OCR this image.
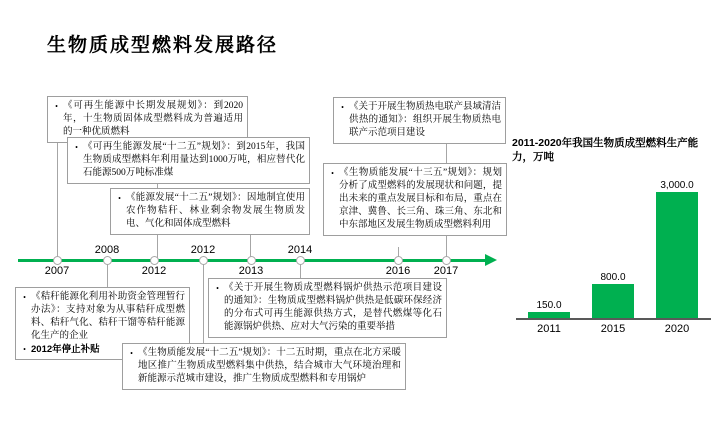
生物质成型燃料发展路径
• 《可再生能源中长期发展规划》：到2020年，十生物质固体成型燃料成为普遍适用的一种优质燃料
• 《可再生能源发展“十二五”规划》：到2015年，我国生物质成型燃料年利用量达到1000万吨，相应替代化石能源500万吨标准煤
• 《能源发展“十二五”规划》：因地制宜使用农作物秸秆、林业剩余物发展生物质发电、气化和固体成型燃料
• 《关于开展生物质热电联产县域清洁供热的通知》：组织开展生物质热电联产示范项目建设
• 《生物质能发展“十三五”规划》：规划分析了成型燃料的发展现状和问题，提出未来的重点发展目标和布局，重点在京津、冀鲁、长三角、珠三角、东北和中东部地区发展生物质成型燃料利用
• 《秸秆能源化利用补助资金管理暂行办法》：支持对象为从事秸秆成型燃料、秸秆气化、秸秆干馏等秸秆能源化生产的企业
• 2012年停止补贴
• 《关于开展生物质成型燃料锅炉供热示范项目建设的通知》：生物质成型燃料锅炉供热是低碳环保经济的分布式可再生能源供热方式，是替代燃煤等化石能源锅炉供热、应对大气污染的重要举措
• 《生物质能发展“十二五”规划》：十二五时期，重点在北方采暖地区推广生物质成型燃料集中供热，结合城市大气环境治理和新能源示范城市建设，推广生物质成型燃料和专用锅炉
2007
2008
2012
2012
2013
2014
2016	2017
2011-2020年我国生物质成型燃料生产能力，万吨
150.0
800.0
3,000.0
2011	2015	2020
